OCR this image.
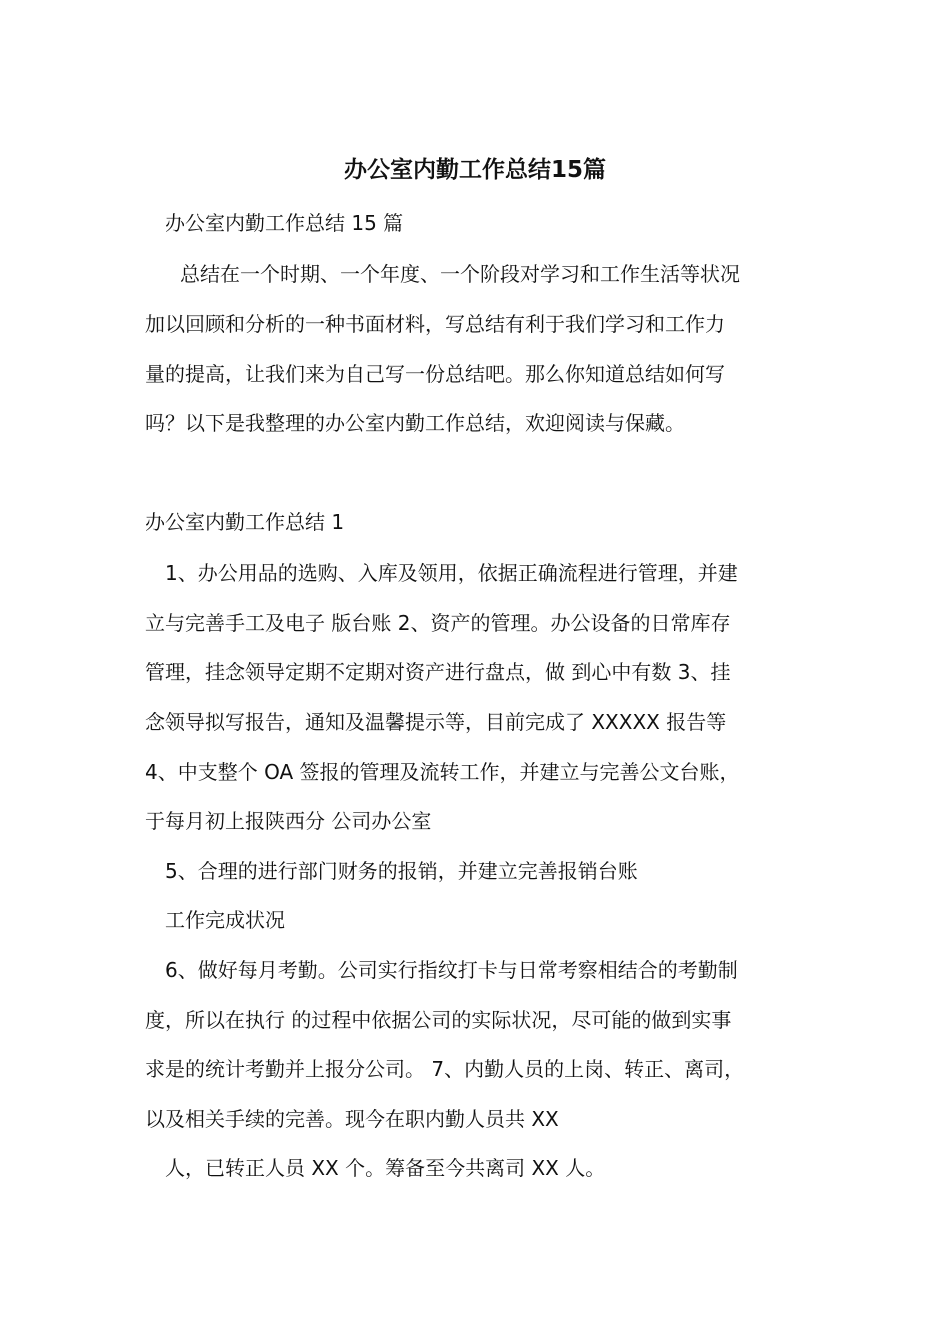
办公室内勤工作总结15篇
办公室内勤工作总结 15 篇
总结在一个时期、一个年度、一个阶段对学习和工作生活等状况
加以回顾和分析的一种书面材料，写总结有利于我们学习和工作力
量的提高，让我们来为自己写一份总结吧。那么你知道总结如何写
吗？以下是我整理的办公室内勤工作总结，欢迎阅读与保藏。
办公室内勤工作总结 1
1、办公用品的选购、入库及领用，依据正确流程进行管理，并建
立与完善手工及电子 版台账 2、资产的管理。办公设备的日常库存
管理，挂念领导定期不定期对资产进行盘点，做 到心中有数 3、挂
念领导拟写报告，通知及温馨提示等，目前完成了 XXXXX 报告等
4、中支整个 OA 签报的管理及流转工作，并建立与完善公文台账，
于每月初上报陕西分 公司办公室
5、合理的进行部门财务的报销，并建立完善报销台账
工作完成状况
6、做好每月考勤。公司实行指纹打卡与日常考察相结合的考勤制
度，所以在执行 的过程中依据公司的实际状况，尽可能的做到实事
求是的统计考勤并上报分公司。 7、内勤人员的上岗、转正、离司，
以及相关手续的完善。现今在职内勤人员共 XX
人，已转正人员 XX 个。筹备至今共离司 XX 人。
